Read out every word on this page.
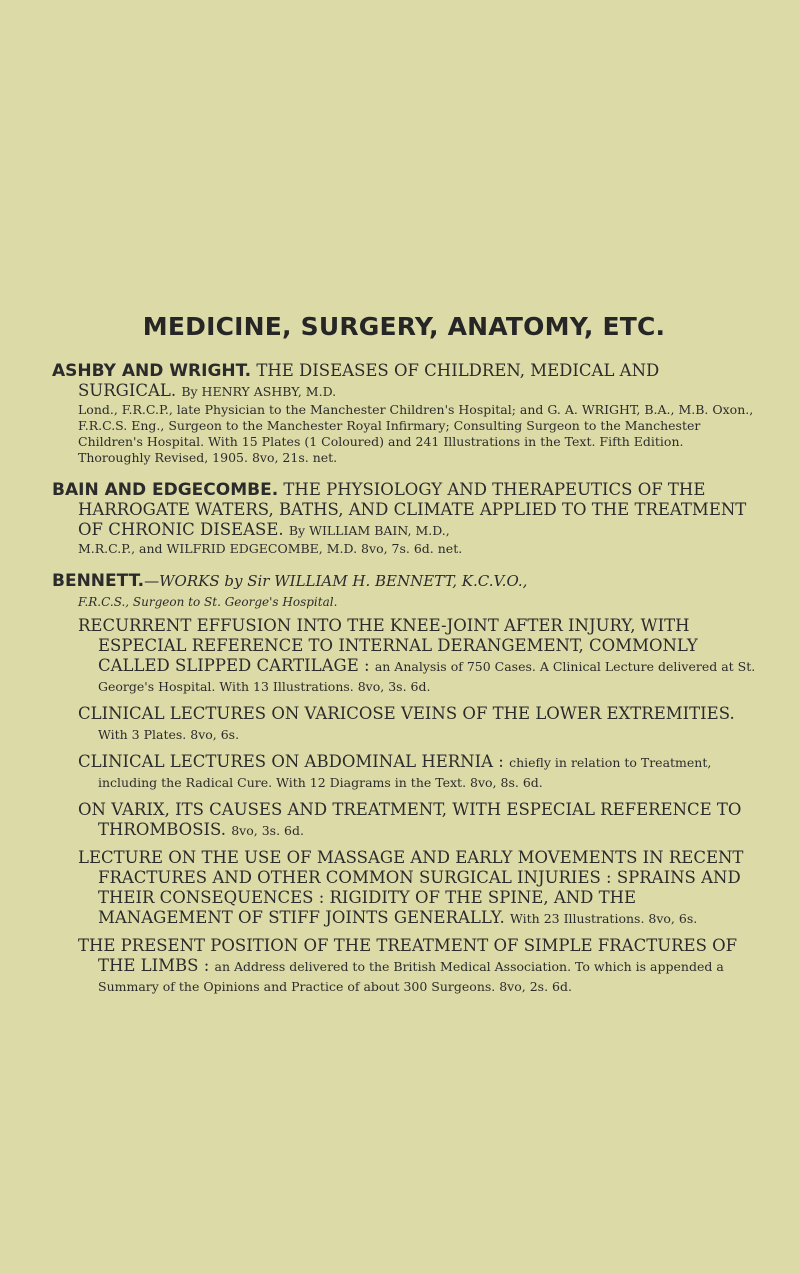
MEDICINE, SURGERY, ANATOMY, ETC.

ASHBY AND WRIGHT. THE DISEASES OF CHILDREN, MEDICAL AND SURGICAL. By HENRY ASHBY, M.D.

Lond., F.R.C.P., late Physician to the Manchester Children's Hospital; and G. A. WRIGHT, B.A., M.B. Oxon., F.R.C.S. Eng., Surgeon to the Manchester Royal Infirmary; Consulting Surgeon to the Manchester Children's Hospital. With 15 Plates (1 Coloured) and 241 Illustrations in the Text. Fifth Edition. Thoroughly Revised, 1905. 8vo, 21s. net.

BAIN AND EDGECOMBE. THE PHYSIOLOGY AND THERAPEUTICS OF THE HARROGATE WATERS, BATHS, AND CLIMATE APPLIED TO THE TREATMENT OF CHRONIC DISEASE. By WILLIAM BAIN, M.D.,

M.R.C.P., and WILFRID EDGECOMBE, M.D. 8vo, 7s. 6d. net.

BENNETT.—WORKS by Sir WILLIAM H. BENNETT, K.C.V.O.,
F.R.C.S., Surgeon to St. George's Hospital.

RECURRENT EFFUSION INTO THE KNEE-JOINT AFTER INJURY, WITH ESPECIAL REFERENCE TO INTERNAL DERANGEMENT, COMMONLY CALLED SLIPPED CARTILAGE : an Analysis of 750 Cases. A Clinical Lecture delivered at St. George's Hospital. With 13 Illustrations. 8vo, 3s. 6d.

CLINICAL LECTURES ON VARICOSE VEINS OF THE LOWER EXTREMITIES. With 3 Plates. 8vo, 6s.

CLINICAL LECTURES ON ABDOMINAL HERNIA : chiefly in relation to Treatment, including the Radical Cure. With 12 Diagrams in the Text. 8vo, 8s. 6d.

ON VARIX, ITS CAUSES AND TREATMENT, WITH ESPECIAL REFERENCE TO THROMBOSIS. 8vo, 3s. 6d.

LECTURE ON THE USE OF MASSAGE AND EARLY MOVEMENTS IN RECENT FRACTURES AND OTHER COMMON SURGICAL INJURIES : SPRAINS AND THEIR CONSEQUENCES : RIGIDITY OF THE SPINE, AND THE MANAGEMENT OF STIFF JOINTS GENERALLY. With 23 Illustrations. 8vo, 6s.

THE PRESENT POSITION OF THE TREATMENT OF SIMPLE FRACTURES OF THE LIMBS : an Address delivered to the British Medical Association. To which is appended a Summary of the Opinions and Practice of about 300 Surgeons. 8vo, 2s. 6d.
